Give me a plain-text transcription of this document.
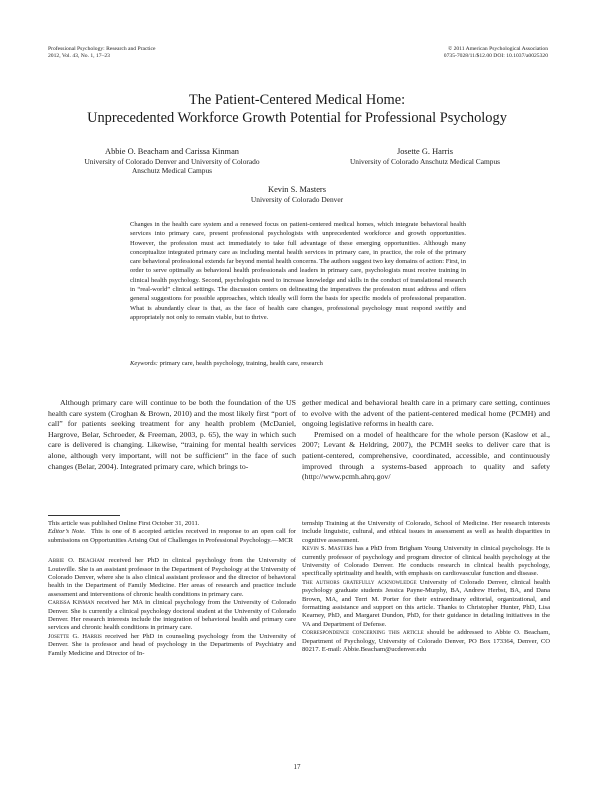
Professional Psychology: Research and Practice
2012, Vol. 43, No. 1, 17–23
© 2011 American Psychological Association
0735-7028/11/$12.00 DOI: 10.1037/a0025320
The Patient-Centered Medical Home:
Unprecedented Workforce Growth Potential for Professional Psychology
Abbie O. Beacham and Carissa Kinman
University of Colorado Denver and University of Colorado
Anschutz Medical Campus
Josette G. Harris
University of Colorado Anschutz Medical Campus
Kevin S. Masters
University of Colorado Denver
Changes in the health care system and a renewed focus on patient-centered medical homes, which integrate behavioral health services into primary care, present professional psychologists with unprecedented workforce and growth opportunities. However, the profession must act immediately to take full advantage of these emerging opportunities. Although many conceptualize integrated primary care as including mental health services in primary care, in practice, the role of the primary care behavioral professional extends far beyond mental health concerns. The authors suggest two key domains of action: First, in order to serve optimally as behavioral health professionals and leaders in primary care, psychologists must receive training in clinical health psychology. Second, psychologists need to increase knowledge and skills in the conduct of translational research in “real-world” clinical settings. The discussion centers on delineating the imperatives the profession must address and offers general suggestions for possible approaches, which ideally will form the basis for specific models of professional preparation. What is abundantly clear is that, as the face of health care changes, professional psychology must respond swiftly and appropriately not only to remain viable, but to thrive.
Keywords: primary care, health psychology, training, health care, research

Although primary care will continue to be both the foundation of the US health care system (Croghan & Brown, 2010) and the most likely first “port of call” for patients seeking treatment for any health problem (McDaniel, Hargrove, Belar, Schroeder, & Freeman, 2003, p. 65), the way in which such care is delivered is changing. Likewise, “training for mental health services alone, although very important, will not be sufficient” in the face of such changes (Belar, 2004). Integrated primary care, which brings to-

gether medical and behavioral health care in a primary care setting, continues to evolve with the advent of the patient-centered medical home (PCMH) and ongoing legislative reforms in health care.

Premised on a model of healthcare for the whole person (Kaslow et al., 2007; Levant & Heldring, 2007), the PCMH seeks to deliver care that is patient-centered, comprehensive, coordinated, accessible, and continuously improved through a systems-based approach to quality and safety (http://www.pcmh.ahrq.gov/

This article was published Online First October 31, 2011.

Editor’s Note. This is one of 8 accepted articles received in response to an open call for submissions on Opportunities Arising Out of Challenges in Professional Psychology.—MCR

Abbie O. Beacham received her PhD in clinical psychology from the University of Louisville. She is an assistant professor in the Department of Psychology at the University of Colorado Denver, where she is also clinical assistant professor and the director of behavioral health in the Department of Family Medicine. Her areas of research and practice include assessment and interventions of chronic health conditions in primary care.

Carissa Kinman received her MA in clinical psychology from the University of Colorado Denver. She is currently a clinical psychology doctoral student at the University of Colorado Denver. Her research interests include the integration of behavioral health and primary care services and chronic health conditions in primary care.

Josette G. Harris received her PhD in counseling psychology from the University of Denver. She is professor and head of psychology in the Departments of Psychiatry and Family Medicine and Director of In-

ternship Training at the University of Colorado, School of Medicine. Her research interests include linguistic, cultural, and ethical issues in assessment as well as health disparities in cognitive assessment.

Kevin S. Masters has a PhD from Brigham Young University in clinical psychology. He is currently professor of psychology and program director of clinical health psychology at the University of Colorado Denver. He conducts research in clinical health psychology, specifically spirituality and health, with emphasis on cardiovascular function and disease.

The authors gratefully acknowledge University of Colorado Denver, clinical health psychology graduate students Jessica Payne-Murphy, BA, Andrew Herbst, BA, and Dana Brown, MA, and Terri M. Porter for their extraordinary editorial, organizational, and formatting assistance and support on this article. Thanks to Christopher Hunter, PhD, Lisa Kearney, PhD, and Margaret Dundon, PhD, for their guidance in detailing initiatives in the VA and Department of Defense.

Correspondence concerning this article should be addressed to Abbie O. Beacham, Department of Psychology, University of Colorado Denver, PO Box 173364, Denver, CO 80217. E-mail: Abbie.Beacham@ucdenver.edu

17
